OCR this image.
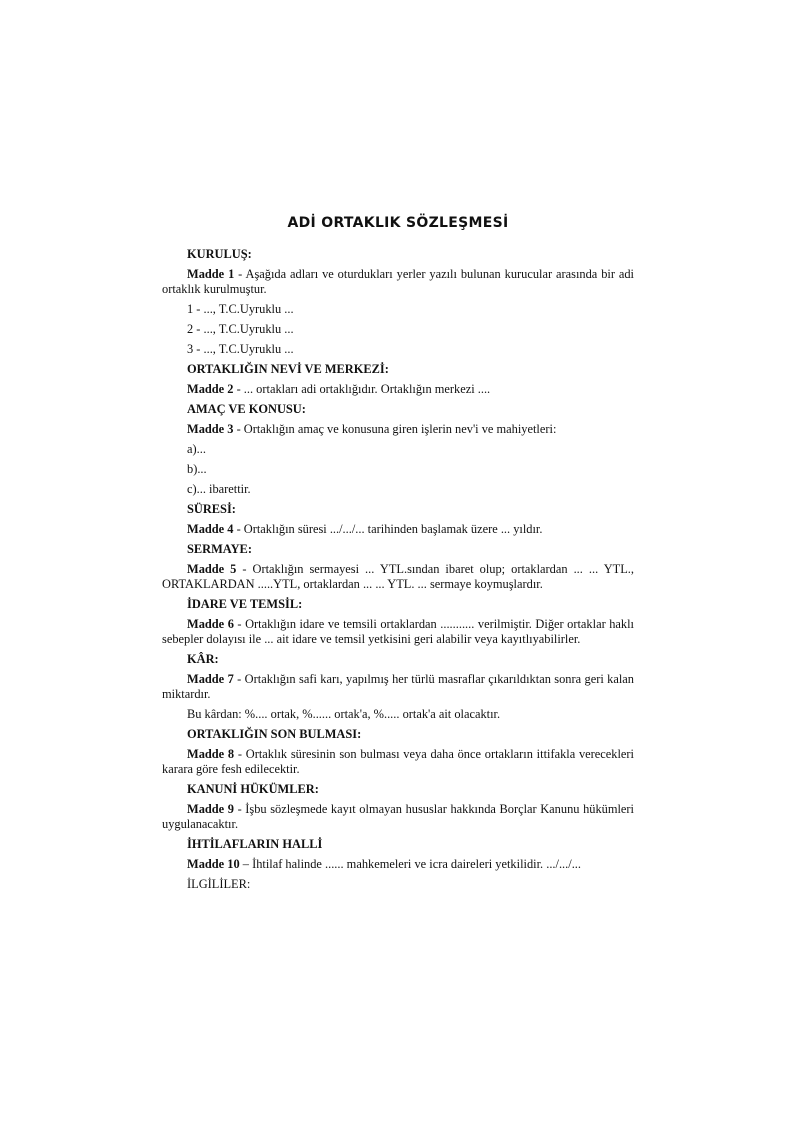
ADİ ORTAKLIK SÖZLEŞMESİ
KURULUŞ:
Madde 1 - Aşağıda adları ve oturdukları yerler yazılı bulunan kurucular arasında bir adi ortaklık kurulmuştur.
1 - ..., T.C.Uyruklu ...
2 - ..., T.C.Uyruklu ...
3 - ..., T.C.Uyruklu ...
ORTAKLIĞIN NEVİ VE MERKEZİ:
Madde 2 - ... ortakları adi ortaklığıdır. Ortaklığın merkezi ....
AMAÇ VE KONUSU:
Madde 3 - Ortaklığın amaç ve konusuna giren işlerin nev'i ve mahiyetleri:
a)...
b)...
c)... ibarettir.
SÜRESİ:
Madde 4 - Ortaklığın süresi .../.../... tarihinden başlamak üzere ... yıldır.
SERMAYE:
Madde 5 - Ortaklığın sermayesi ... YTL.sından ibaret olup; ortaklardan ... ... YTL., ORTAKLARDAN .....YTL, ortaklardan ... ... YTL. ... sermaye koymuşlardır.
İDARE VE TEMSİL:
Madde 6 - Ortaklığın idare ve temsili ortaklardan ........... verilmiştir. Diğer ortaklar haklı sebepler dolayısı ile ... ait idare ve temsil yetkisini geri alabilir veya kayıtlıyabilirler.
KÂR:
Madde 7 - Ortaklığın safi karı, yapılmış her türlü masraflar çıkarıldıktan sonra geri kalan miktardır.
Bu kârdan: %.... ortak, %...... ortak'a, %..... ortak'a ait olacaktır.
ORTAKLIĞIN SON BULMASI:
Madde 8 - Ortaklık süresinin son bulması veya daha önce ortakların ittifakla verecekleri karara göre fesh edilecektir.
KANUNİ HÜKÜMLER:
Madde 9 - İşbu sözleşmede kayıt olmayan hususlar hakkında Borçlar Kanunu hükümleri uygulanacaktır.
İHTİLAFLARIN HALLİ
Madde 10 – İhtilaf halinde ...... mahkemeleri ve icra daireleri yetkilidir. .../.../...
İLGİLİLER:
